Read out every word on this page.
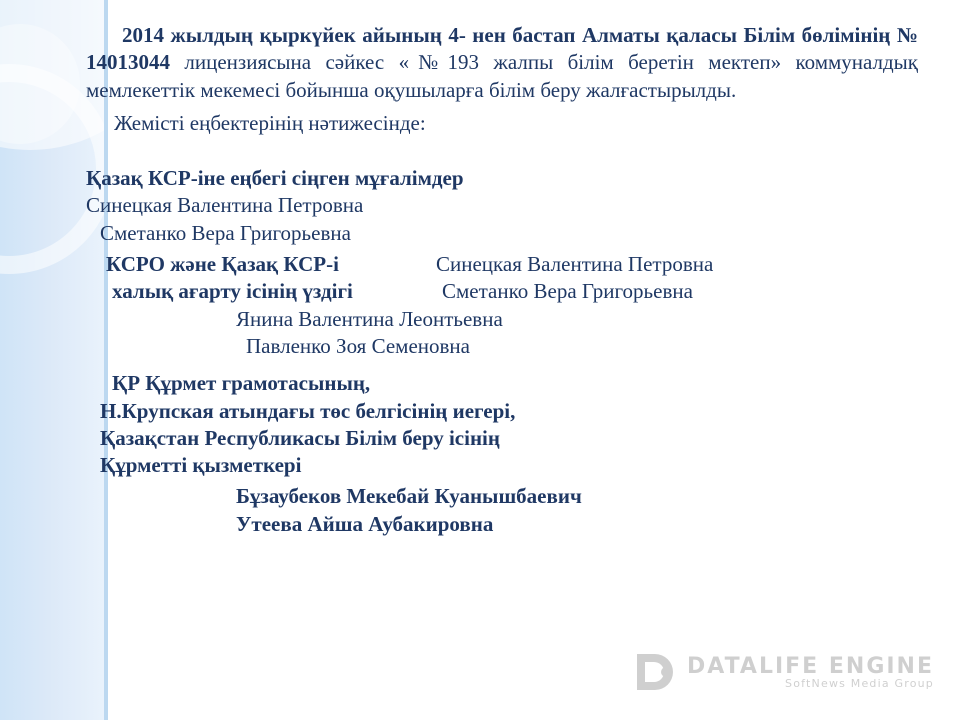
2014 жылдың қыркүйек айының 4- нен бастап Алматы қаласы Білім бөлімінің № 14013044 лицензиясына сәйкес «№193 жалпы білім беретін мектеп» коммуналдық мемлекеттік мекемесі бойынша оқушыларға білім беру жалғастырылды.

Жемісті еңбектерінің нәтижесінде:

Қазақ КСР-іне еңбегі сіңген мұғалімдер

Синецкая Валентина Петровна

Сметанко Вера Григорьевна

КСРО және Қазақ КСР-і	Синецкая Валентина Петровна

халық ағарту ісінің үздігі	Сметанко Вера Григорьевна

Янина Валентина Леонтьевна

Павленко Зоя Семеновна

ҚР Құрмет грамотасының,

Н.Крупская атындағы төс белгісінің иегері,

Қазақстан Республикасы Білім беру ісінің

Құрметті қызметкері

Бұзаубеков Мекебай Куанышбаевич

Утеева Айша Аубакировна

DATALIFE ENGINE
SoftNews Media Group
